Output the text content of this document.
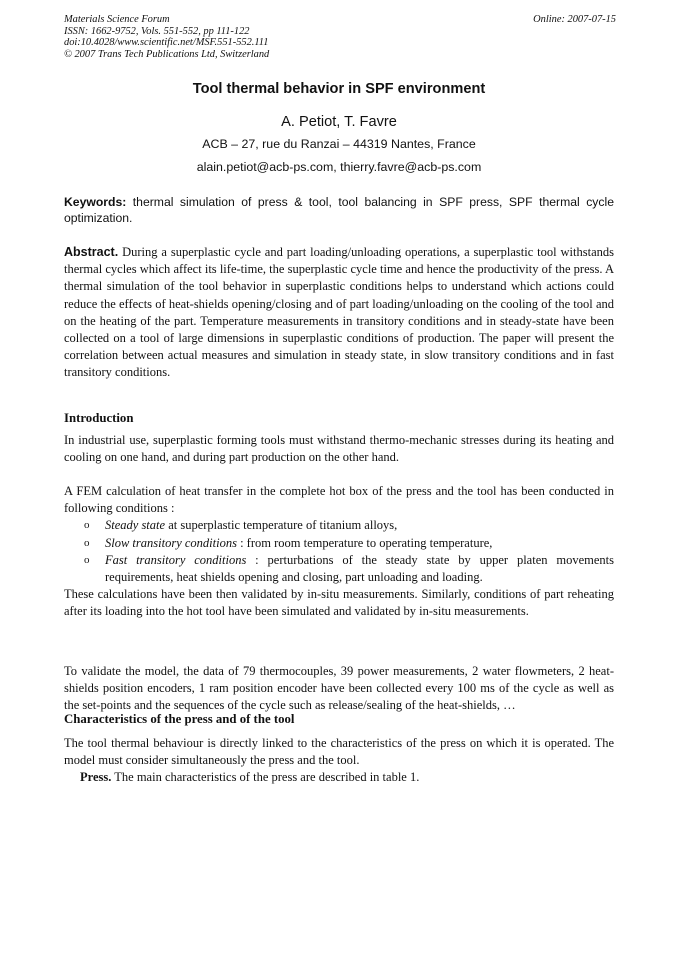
Materials Science Forum
ISSN: 1662-9752, Vols. 551-552, pp 111-122
doi:10.4028/www.scientific.net/MSF.551-552.111
© 2007 Trans Tech Publications Ltd, Switzerland
Online: 2007-07-15
Tool thermal behavior in SPF environment
A. Petiot, T. Favre
ACB – 27, rue du Ranzai – 44319 Nantes, France
alain.petiot@acb-ps.com, thierry.favre@acb-ps.com
Keywords: thermal simulation of press & tool, tool balancing in SPF press, SPF thermal cycle optimization.
Abstract. During a superplastic cycle and part loading/unloading operations, a superplastic tool withstands thermal cycles which affect its life-time, the superplastic cycle time and hence the productivity of the press. A thermal simulation of the tool behavior in superplastic conditions helps to understand which actions could reduce the effects of heat-shields opening/closing and of part loading/unloading on the cooling of the tool and on the heating of the part. Temperature measurements in transitory conditions and in steady-state have been collected on a tool of large dimensions in superplastic conditions of production. The paper will present the correlation between actual measures and simulation in steady state, in slow transitory conditions and in fast transitory conditions.
Introduction
In industrial use, superplastic forming tools must withstand thermo-mechanic stresses during its heating and cooling on one hand, and during part production on the other hand.
A FEM calculation of heat transfer in the complete hot box of the press and the tool has been conducted in following conditions :
o Steady state at superplastic temperature of titanium alloys,
o Slow transitory conditions : from room temperature to operating temperature,
o Fast transitory conditions : perturbations of the steady state by upper platen movements requirements, heat shields opening and closing, part unloading and loading.
These calculations have been then validated by in-situ measurements. Similarly, conditions of part reheating after its loading into the hot tool have been simulated and validated by in-situ measurements.
To validate the model, the data of 79 thermocouples, 39 power measurements, 2 water flowmeters, 2 heat-shields position encoders, 1 ram position encoder have been collected every 100 ms of the cycle as well as the set-points and the sequences of the cycle such as release/sealing of the heat-shields, …
Characteristics of the press and of the tool
The tool thermal behaviour is directly linked to the characteristics of the press on which it is operated. The model must consider simultaneously the press and the tool.
Press. The main characteristics of the press are described in table 1.
